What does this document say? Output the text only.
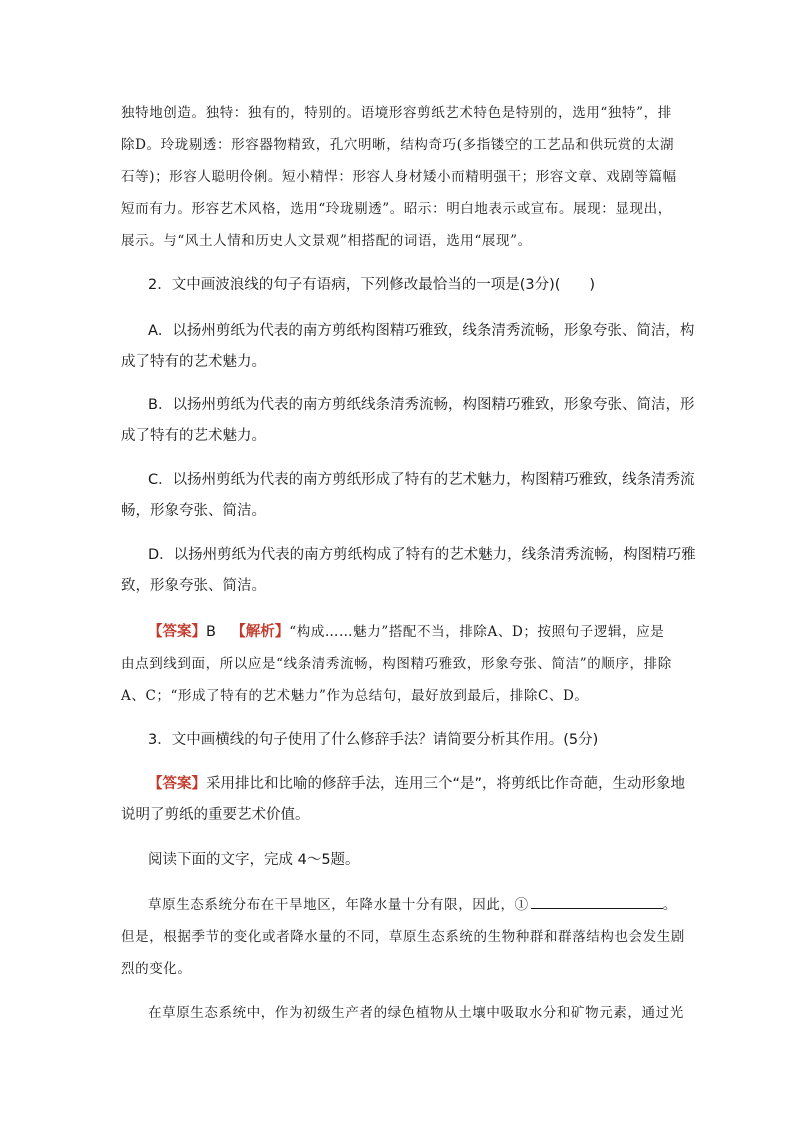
独特地创造。独特：独有的，特别的。语境形容剪纸艺术特色是特别的，选用“独特”，排
除D。玲珑剔透：形容器物精致，孔穴明晰，结构奇巧(多指镂空的工艺品和供玩赏的太湖
石等)；形容人聪明伶俐。短小精悍：形容人身材矮小而精明强干；形容文章、戏剧等篇幅
短而有力。形容艺术风格，选用“玲珑剔透”。昭示：明白地表示或宣布。展现：显现出，
展示。与“风土人情和历史人文景观”相搭配的词语，选用“展现”。
2．文中画波浪线的句子有语病，下列修改最恰当的一项是(3分)(　　)
A．以扬州剪纸为代表的南方剪纸构图精巧雅致，线条清秀流畅，形象夸张、简洁，构
成了特有的艺术魅力。
B．以扬州剪纸为代表的南方剪纸线条清秀流畅，构图精巧雅致，形象夸张、简洁，形
成了特有的艺术魅力。
C．以扬州剪纸为代表的南方剪纸形成了特有的艺术魅力，构图精巧雅致，线条清秀流
畅，形象夸张、简洁。
D．以扬州剪纸为代表的南方剪纸构成了特有的艺术魅力，线条清秀流畅，构图精巧雅
致，形象夸张、简洁。
【答案】B 【解析】“构成……魅力”搭配不当，排除A、D；按照句子逻辑，应是
由点到线到面，所以应是“线条清秀流畅，构图精巧雅致，形象夸张、简洁”的顺序，排除
A、C；“形成了特有的艺术魅力”作为总结句，最好放到最后，排除C、D。
3．文中画横线的句子使用了什么修辞手法？请简要分析其作用。(5分)
【答案】采用排比和比喻的修辞手法，连用三个“是”，将剪纸比作奇葩，生动形象地
说明了剪纸的重要艺术价值。
阅读下面的文字，完成 4～5题。
草原生态系统分布在干旱地区，年降水量十分有限，因此，①	。
但是，根据季节的变化或者降水量的不同，草原生态系统的生物种群和群落结构也会发生剧
烈的变化。
在草原生态系统中，作为初级生产者的绿色植物从土壤中吸取水分和矿物元素，通过光
